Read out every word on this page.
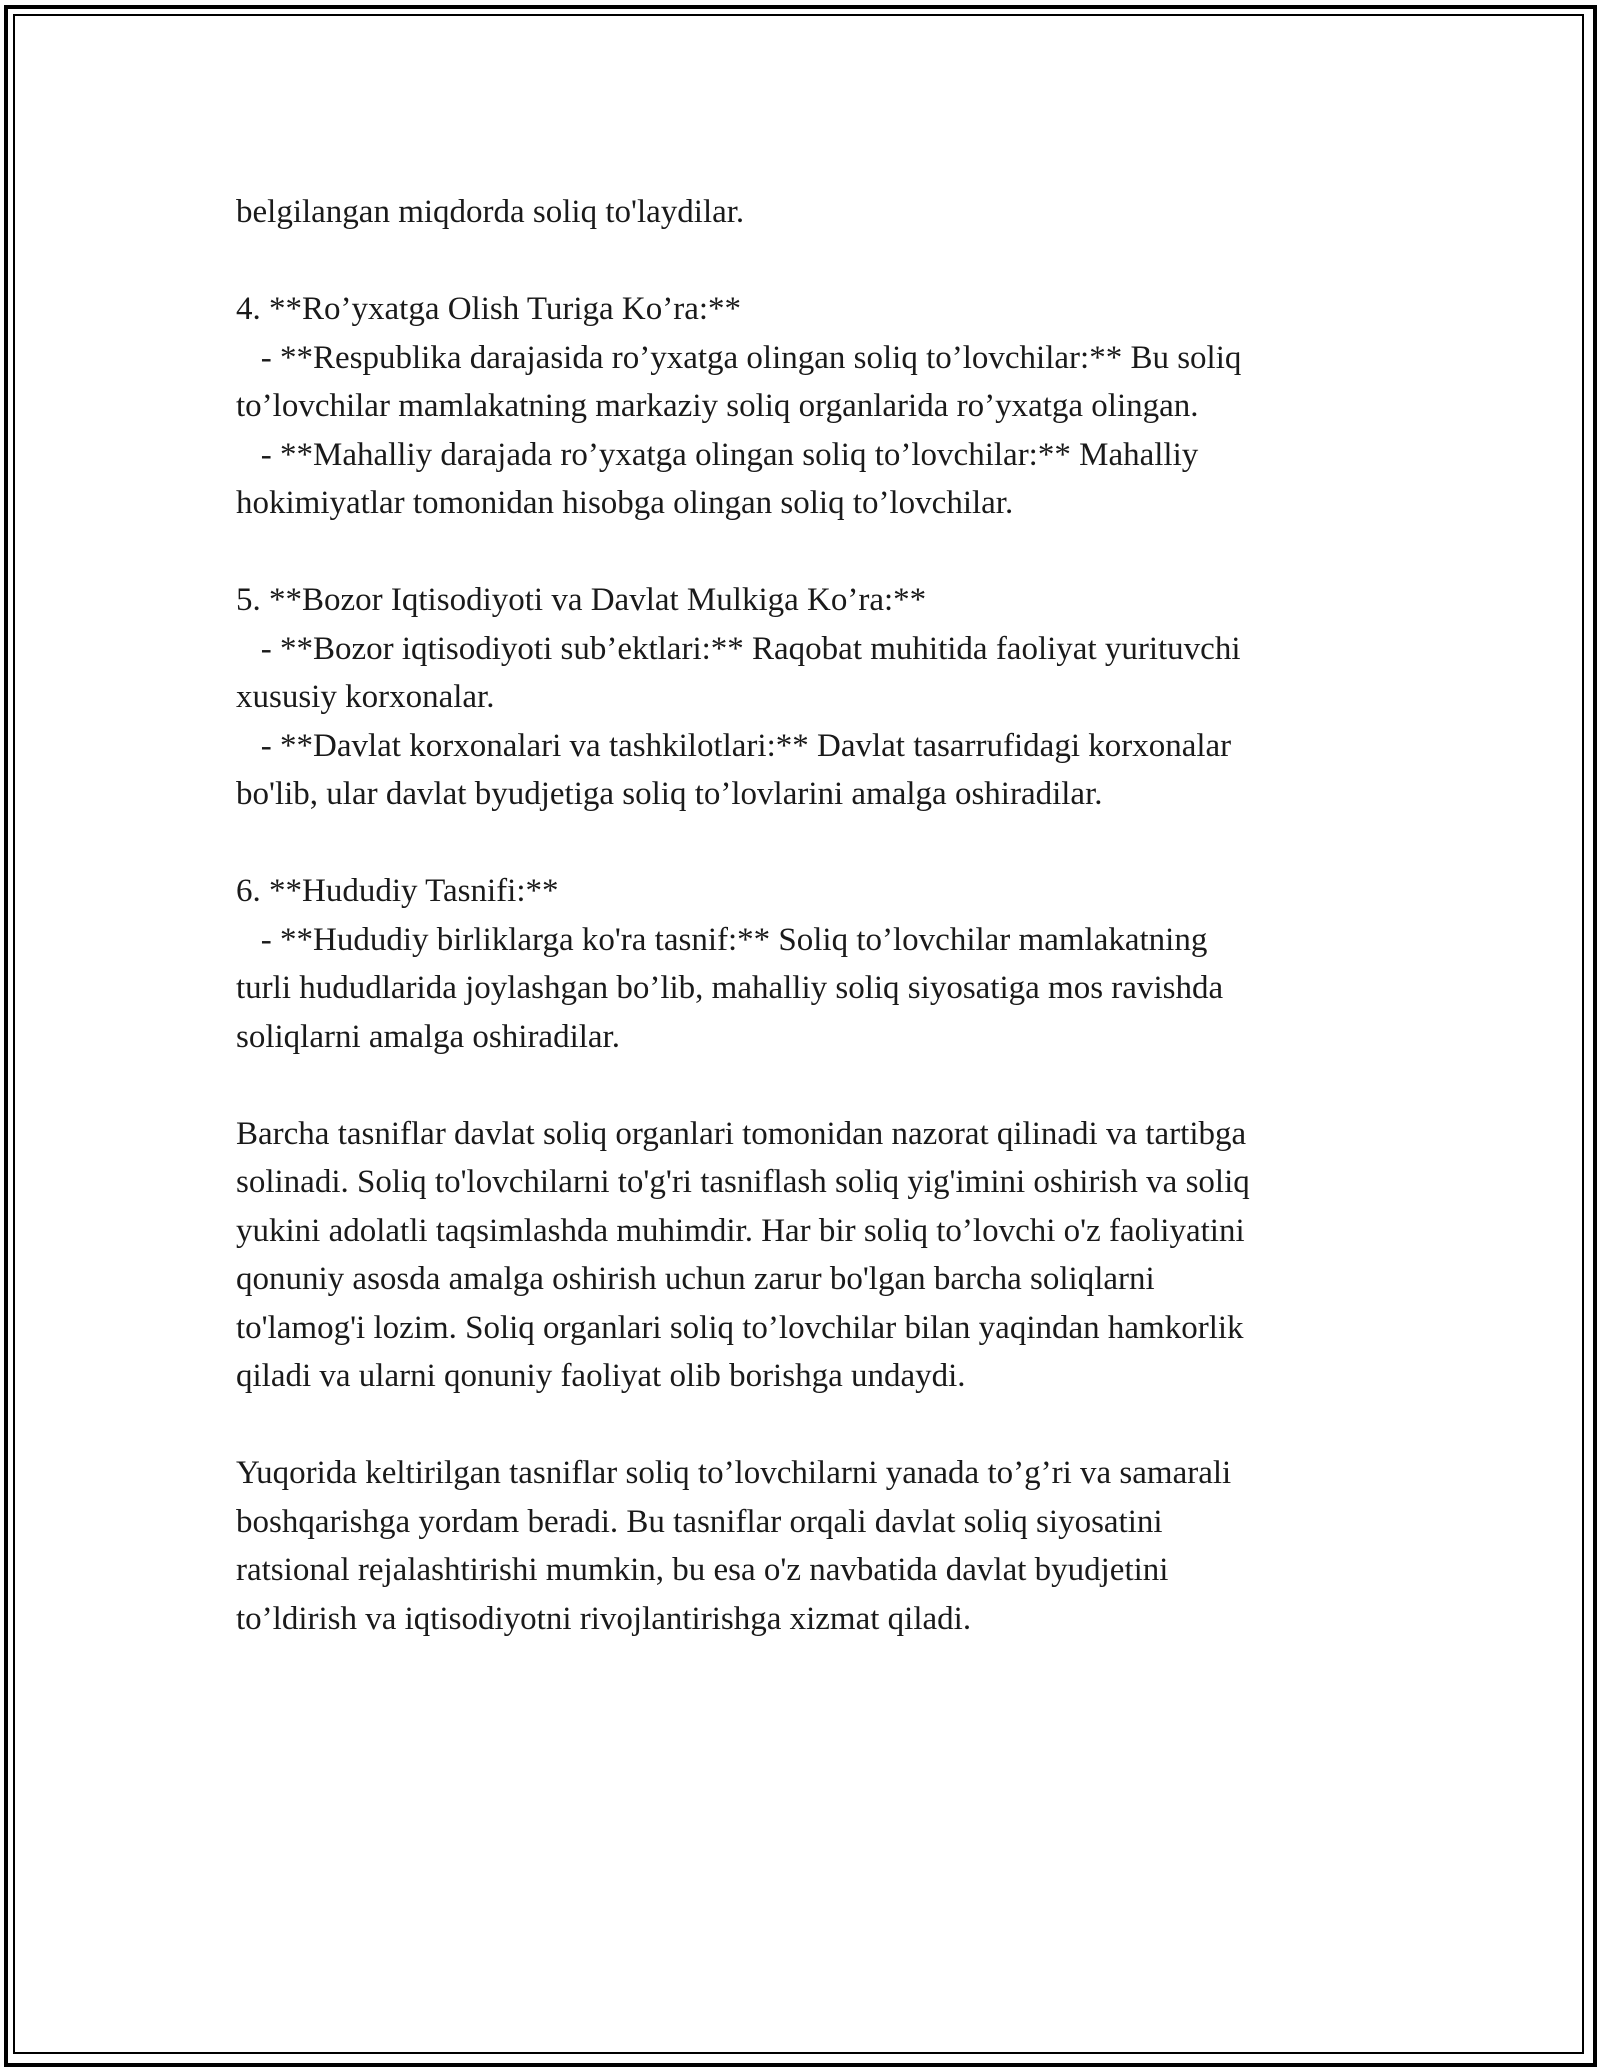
belgilangan miqdorda soliq to'laydilar.

4. **Ro’yxatga Olish Turiga Ko’ra:**

- **Respublika darajasida ro’yxatga olingan soliq to’lovchilar:** Bu soliq

to’lovchilar mamlakatning markaziy soliq organlarida ro’yxatga olingan.

- **Mahalliy darajada ro’yxatga olingan soliq to’lovchilar:** Mahalliy

hokimiyatlar tomonidan hisobga olingan soliq to’lovchilar.

5. **Bozor Iqtisodiyoti va Davlat Mulkiga Ko’ra:**

- **Bozor iqtisodiyoti sub’ektlari:** Raqobat muhitida faoliyat yurituvchi

xususiy korxonalar.

- **Davlat korxonalari va tashkilotlari:** Davlat tasarrufidagi korxonalar

bo'lib, ular davlat byudjetiga soliq to’lovlarini amalga oshiradilar.

6. **Hududiy Tasnifi:**

- **Hududiy birliklarga ko'ra tasnif:** Soliq to’lovchilar mamlakatning

turli hududlarida joylashgan bo’lib, mahalliy soliq siyosatiga mos ravishda

soliqlarni amalga oshiradilar.

Barcha tasniflar davlat soliq organlari tomonidan nazorat qilinadi va tartibga

solinadi. Soliq to'lovchilarni to'g'ri tasniflash soliq yig'imini oshirish va soliq

yukini adolatli taqsimlashda muhimdir. Har bir soliq to’lovchi o'z faoliyatini

qonuniy asosda amalga oshirish uchun zarur bo'lgan barcha soliqlarni

to'lamog'i lozim. Soliq organlari soliq to’lovchilar bilan yaqindan hamkorlik

qiladi va ularni qonuniy faoliyat olib borishga undaydi.

Yuqorida keltirilgan tasniflar soliq to’lovchilarni yanada to’g’ri va samarali

boshqarishga yordam beradi. Bu tasniflar orqali davlat soliq siyosatini

ratsional rejalashtirishi mumkin, bu esa o'z navbatida davlat byudjetini

to’ldirish va iqtisodiyotni rivojlantirishga xizmat qiladi.
